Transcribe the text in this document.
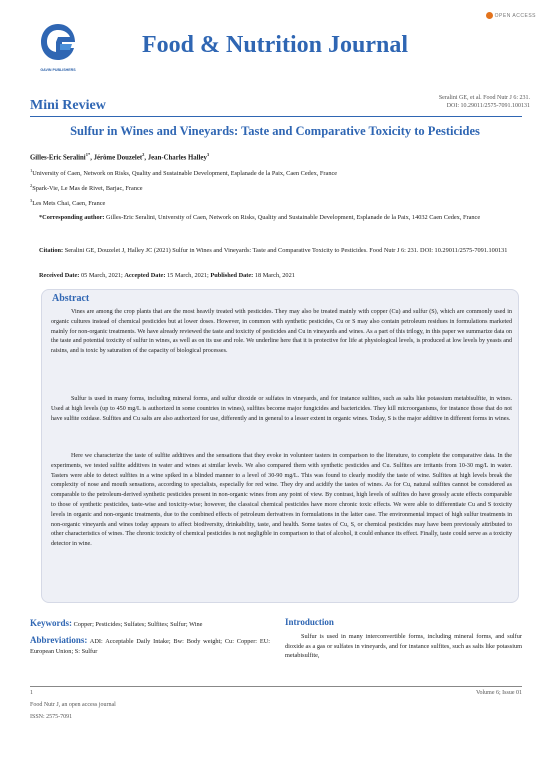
OPEN ACCESS
GAVIN PUBLISHERS
Food & Nutrition Journal
Seralini GE, et al. Food Nutr J 6: 231.
DOI: 10.29011/2575-7091.100131
Mini Review
Sulfur in Wines and Vineyards: Taste and Comparative Toxicity to Pesticides
Gilles-Eric Seralini$^{1*}$, Jérôme Douzelet$^2$, Jean-Charles Halley$^3$
$^1$University of Caen, Network on Risks, Quality and Sustainable Development, Esplanade de la Paix, Caen Cedex, France
$^2$Spark-Vie, Le Mas de Rivet, Barjac, France
$^3$Les Mets Chai, Caen, France
*Corresponding author: Gilles-Eric Seralini, University of Caen, Network on Risks, Quality and Sustainable Development, Esplanade de la Paix, 14032 Caen Cedex, France
Citation: Seralini GE, Douzelet J, Halley JC (2021) Sulfur in Wines and Vineyards: Taste and Comparative Toxicity to Pesticides. Food Nutr J 6: 231. DOI: 10.29011/2575-7091.100131
Received Date: 05 March, 2021; Accepted Date: 15 March, 2021; Published Date: 18 March, 2021
Abstract
Vines are among the crop plants that are the most heavily treated with pesticides. They may also be treated mainly with copper (Cu) and sulfur (S), which are commonly used in organic cultures instead of chemical pesticides but at lower doses. However, in common with synthetic pesticides, Cu or S may also contain petroleum residues in formulations marketed mainly for non-organic treatments. We have already reviewed the taste and toxicity of pesticides and Cu in vineyards and wines. As a part of this trilogy, in this paper we summarize data on the taste and potential toxicity of sulfur in wines, as well as on its use and role. We underline here that it is protective for life at physiological levels, is produced at low levels by yeasts and raisins, and is toxic by saturation of the capacity of biological processes.
Sulfur is used in many forms, including mineral forms, and sulfur dioxide or sulfates in vineyards, and for instance sulfites, such as salts like potassium metabisulfite, in wines. Used at high levels (up to 450 mg/L is authorized in some countries in wines), sulfites become major fungicides and bactericides. They kill microorganisms, for instance those that do not have sulfite oxidase. Sulfites and Cu salts are also authorized for use, differently and in general to a lesser extent in organic wines. Today, S is the major additive in different forms in wines.
Here we characterize the taste of sulfite additives and the sensations that they evoke in volunteer tasters in comparison to the literature, to complete the comparative data. In the experiments, we tested sulfite additives in water and wines at similar levels. We also compared them with synthetic pesticides and Cu. Sulfites are irritants from 10-30 mg/L in water. Tasters were able to detect sulfites in a wine spiked in a blinded manner to a level of 30-90 mg/L. This was found to clearly modify the taste of wine. Sulfites at high levels break the complexity of nose and mouth sensations, according to specialists, especially for red wine. They dry and acidify the tastes of wines. As for Cu, natural sulfites cannot be considered as comparable to the petroleum-derived synthetic pesticides present in non-organic wines from any point of view. By contrast, high levels of sulfites do have grossly acute effects comparable to those of synthetic pesticides, taste-wise and toxicity-wise; however, the classical chemical pesticides have more chronic toxic effects. We were able to differentiate Cu and S toxicity levels in organic and non-organic treatments, due to the combined effects of petroleum derivatives in formulations in the latter case. The environmental impact of high sulfur treatments in non-organic vineyards and wines today appears to affect biodiversity, drinkability, taste, and health. Some tastes of Cu, S, or chemical pesticides may have been previously attributed to other characteristics of wines. The chronic toxicity of chemical pesticides is not negligible in comparison to that of alcohol, it could enhance its effect. Finally, taste could serve as a toxicity detector in wine.
Keywords: Copper; Pesticides; Sulfates; Sulfites; Sulfur; Wine
Abbreviations: ADI: Acceptable Daily Intake; Bw: Body weight; Cu: Copper: EU: European Union; S: Sulfur
Introduction
Sulfur is used in many interconvertible forms, including mineral forms, and sulfur dioxide as a gas or sulfates in vineyards, and for instance sulfites, such as salts like potassium metabisulfite,
1	Volume 6; Issue 01
Food Nutr J, an open access journal
ISSN: 2575-7091
